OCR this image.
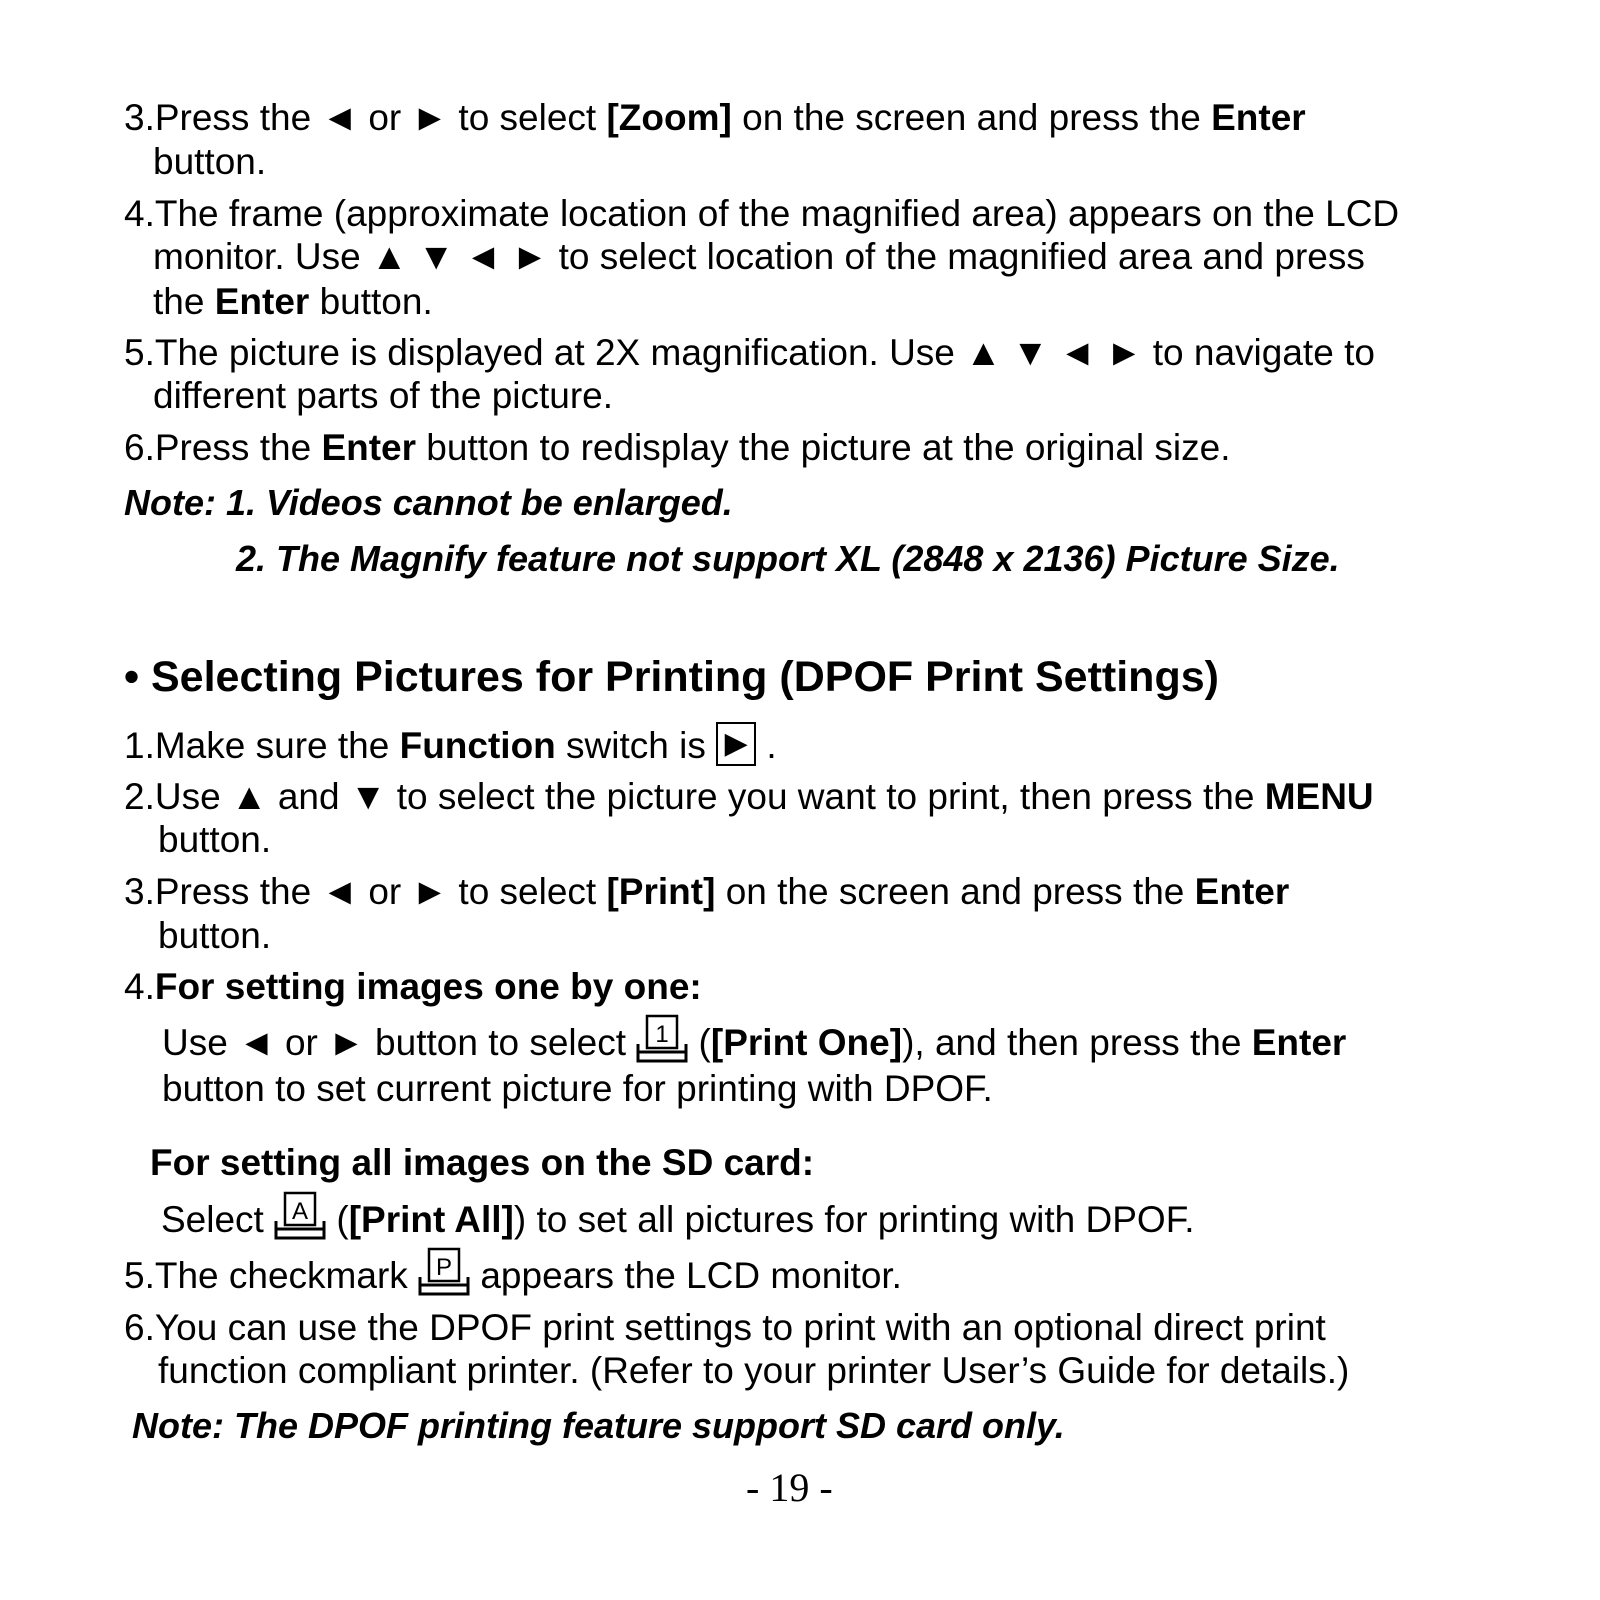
3.Press the ◄ or ► to select [Zoom] on the screen and press the Enter
button.
4.The frame (approximate location of the magnified area) appears on the LCD
monitor. Use ▲ ▼ ◄ ► to select location of the magnified area and press
the Enter button.
5.The picture is displayed at 2X magnification. Use ▲ ▼ ◄ ► to navigate to
different parts of the picture.
6.Press the Enter button to redisplay the picture at the original size.
Note: 1. Videos cannot be enlarged.
2. The Magnify feature not support XL (2848 x 2136) Picture Size.
• Selecting Pictures for Printing (DPOF Print Settings)
1.Make sure the Function switch is ▶ .
2.Use ▲ and ▼ to select the picture you want to print, then press the MENU
button.
3.Press the ◄ or ► to select [Print] on the screen and press the Enter
button.
4.For setting images one by one:
Use ◄ or ► button to select 1 ([Print One]), and then press the Enter
button to set current picture for printing with DPOF.
For setting all images on the SD card:
Select A ([Print All]) to set all pictures for printing with DPOF.
5.The checkmark P appears the LCD monitor.
6.You can use the DPOF print settings to print with an optional direct print
function compliant printer. (Refer to your printer User’s Guide for details.)
Note: The DPOF printing feature support SD card only.
- 19 -
